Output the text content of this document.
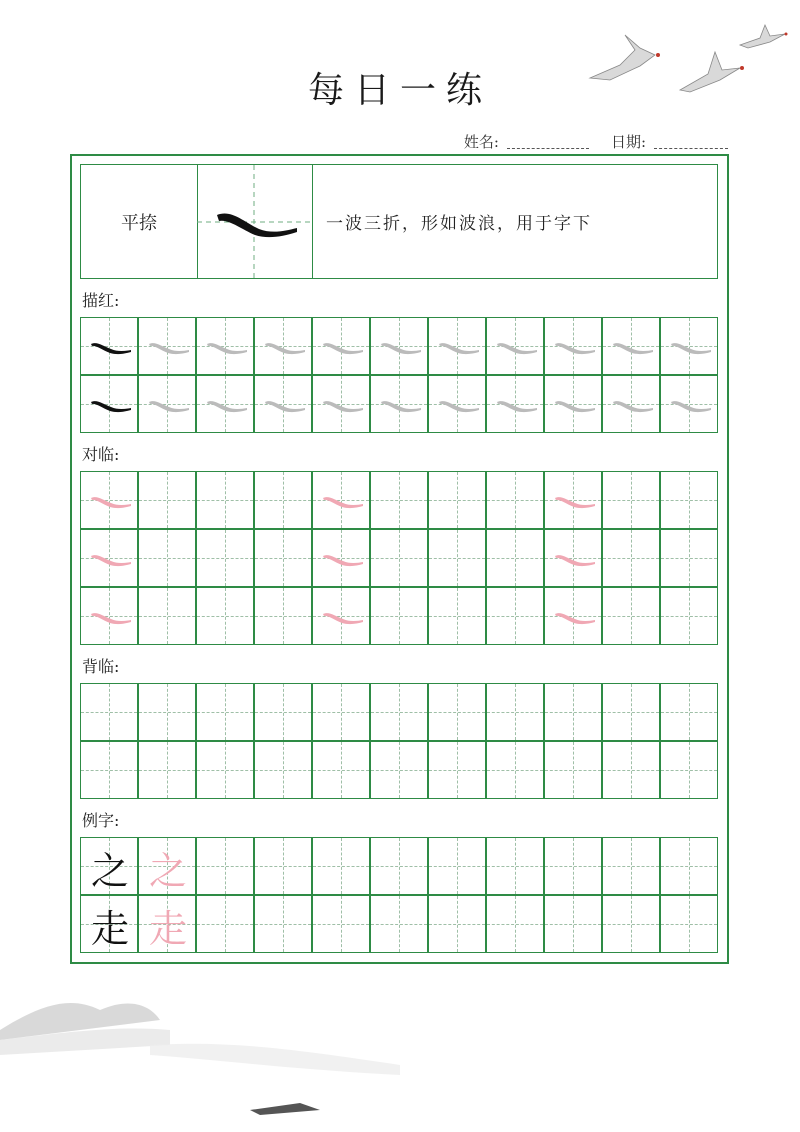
每日一练
姓名:	日期:
平捺	一波三折，形如波浪，用于字下
描红:
对临:
背临:
例字:
之 之
走 走
